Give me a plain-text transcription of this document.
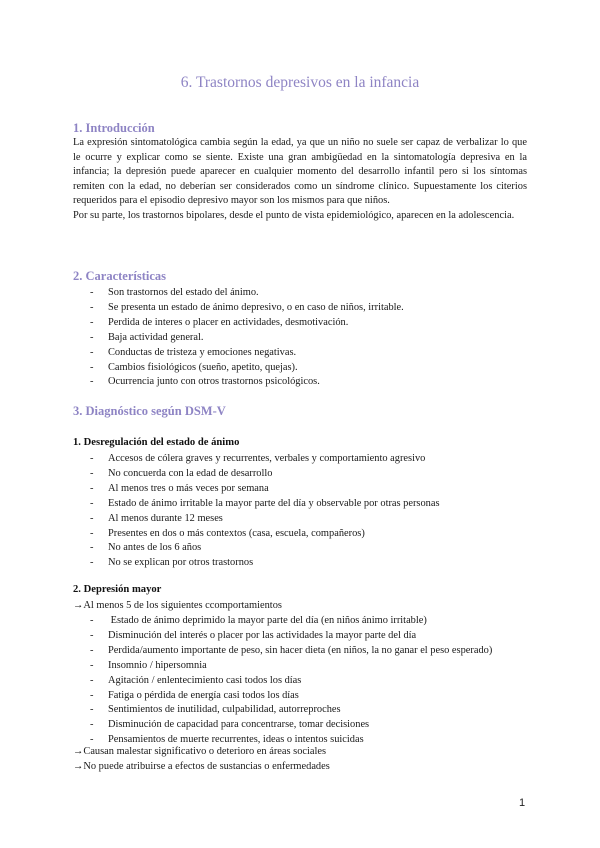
6. Trastornos depresivos en la infancia
1. Introducción

La expresión sintomatológica cambia según la edad, ya que un niño no suele ser capaz de verbalizar lo que le ocurre y explicar como se siente. Existe una gran ambigüedad en la sintomatología depresiva en la infancia; la depresión puede aparecer en cualquier momento del desarrollo infantil pero si los síntomas remiten con la edad, no deberían ser considerados como un síndrome clínico. Supuestamente los citerios requeridos para el episodio depresivo mayor son los mismos para que niños.

Por su parte, los trastornos bipolares, desde el punto de vista epidemiológico, aparecen en la adolescencia.

2. Características
- Son trastornos del estado del ánimo.
- Se presenta un estado de ánimo depresivo, o en caso de niños, irritable.
- Perdida de interes o placer en actividades, desmotivación.
- Baja actividad general.
- Conductas de tristeza y emociones negativas.
- Cambios fisiológicos (sueño, apetito, quejas).
- Ocurrencia junto con otros trastornos psicológicos.
3. Diagnóstico según DSM-V
1. Desregulación del estado de ánimo
- Accesos de cólera graves y recurrentes, verbales y comportamiento agresivo
- No concuerda con la edad de desarrollo
- Al menos tres o más veces por semana
- Estado de ánimo irritable la mayor parte del día y observable por otras personas
- Al menos durante 12 meses
- Presentes en dos o más contextos (casa, escuela, compañeros)
- No antes de los 6 años
- No se explican por otros trastornos
2. Depresión mayor
→Al menos 5 de los siguientes ccomportamientos
- Estado de ánimo deprimido la mayor parte del día (en niños ánimo irritable)
- Disminución del interés o placer por las actividades la mayor parte del día
- Perdida/aumento importante de peso, sin hacer dieta (en niños, la no ganar el peso esperado)
- Insomnio / hipersomnia
- Agitación / enlentecimiento casi todos los días
- Fatiga o pérdida de energía casi todos los días
- Sentimientos de inutilidad, culpabilidad, autorreproches
- Disminución de capacidad para concentrarse, tomar decisiones
- Pensamientos de muerte recurrentes, ideas o intentos suicidas
→Causan malestar significativo o deterioro en áreas sociales
→No puede atribuirse a efectos de sustancias o enfermedades
1
